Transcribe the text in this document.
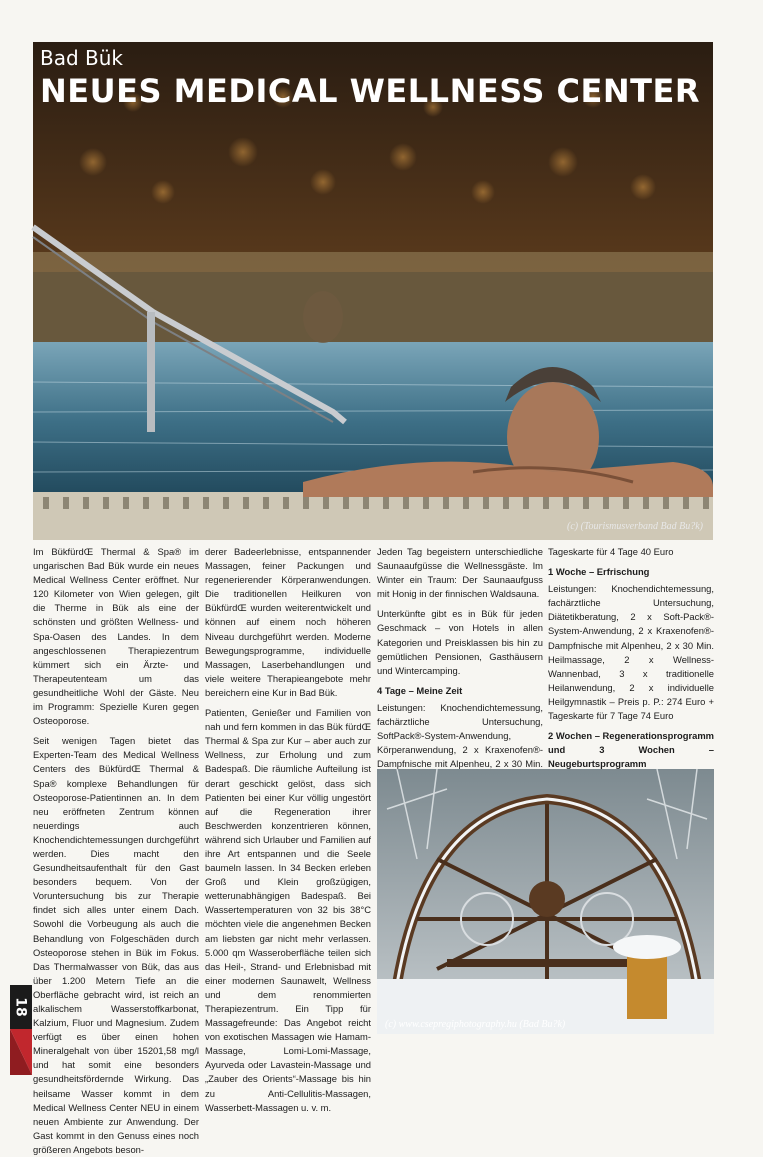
Bad Bük
NEUES MEDICAL WELLNESS CENTER
(c) (Tourismusverband Bad Bu?k)

Im BükfürdŒ Thermal & Spa® im ungarischen Bad Bük wurde ein neues Medical Wellness Center eröffnet. Nur 120 Kilometer von Wien gelegen, gilt die Therme in Bük als eine der schönsten und größten Wellness- und Spa-Oasen des Landes. In dem angeschlossenen Therapiezentrum kümmert sich ein Ärzte- und Therapeutenteam um das gesundheitliche Wohl der Gäste. Neu im Programm: Spezielle Kuren gegen Osteoporose.

Seit wenigen Tagen bietet das Experten-Team des Medical Wellness Centers des BükfürdŒ Thermal & Spa® komplexe Behandlungen für Osteoporose-Patientinnen an. In dem neu eröffneten Zentrum können neuerdings auch Knochendichtemessungen durchgeführt werden. Dies macht den Gesundheitsaufenthalt für den Gast besonders bequem. Von der Voruntersuchung bis zur Therapie findet sich alles unter einem Dach. Sowohl die Vorbeugung als auch die Behandlung von Folgeschäden durch Osteoporose stehen in Bük im Fokus. Das Thermalwasser von Bük, das aus über 1.200 Metern Tiefe an die Oberfläche gebracht wird, ist reich an alkalischem Wasserstoffkarbonat, Kalzium, Fluor und Magnesium. Zudem verfügt es über einen hohen Mineralgehalt von über 15201,58 mg/l und hat somit eine besonders gesundheitsfördernde Wirkung. Das heilsame Wasser kommt in dem Medical Wellness Center NEU in einem neuen Ambiente zur Anwendung. Der Gast kommt in den Genuss eines noch größeren Angebots beson-

derer Badeerlebnisse, entspannender Massagen, feiner Packungen und regenerierender Körperanwendungen. Die traditionellen Heilkuren von BükfürdŒ wurden weiterentwickelt und können auf einem noch höheren Niveau durchgeführt werden. Moderne Bewegungsprogramme, individuelle Massagen, Laserbehandlungen und viele weitere Therapieangebote mehr bereichern eine Kur in Bad Bük.

Patienten, Genießer und Familien von nah und fern kommen in das Bük fürdŒ Thermal & Spa zur Kur – aber auch zur Wellness, zur Erholung und zum Badespaß. Die räumliche Aufteilung ist derart geschickt gelöst, dass sich Patienten bei einer Kur völlig ungestört auf die Regeneration ihrer Beschwerden konzentrieren können, während sich Urlauber und Familien auf ihre Art entspannen und die Seele baumeln lassen. In 34 Becken erleben Groß und Klein großzügigen, wetterunabhängigen Badespaß. Bei Wassertemperaturen von 32 bis 38°C möchten viele die angenehmen Becken am liebsten gar nicht mehr verlassen. 5.000 qm Wasseroberfläche teilen sich das Heil-, Strand- und Erlebnisbad mit einer modernen Saunawelt, Wellness und dem renommierten Therapiezentrum. Ein Tipp für Massagefreunde: Das Angebot reicht von exotischen Massagen wie Hamam-Massage, Lomi-Lomi-Massage, Ayurveda oder Lavastein-Massage und „Zauber des Orients“-Massage bis hin zu Anti-Cellulitis-Massagen, Wasserbett-Massagen u. v. m.

Jeden Tag begeistern unterschiedliche Saunaaufgüsse die Wellnessgäste. Im Winter ein Traum: Der Saunaaufguss mit Honig in der finnischen Waldsauna.

Unterkünfte gibt es in Bük für jeden Geschmack – von Hotels in allen Kategorien und Preisklassen bis hin zu gemütlichen Pensionen, Gasthäusern und Wintercamping.

4 Tage – Meine Zeit

Leistungen: Knochendichtemessung, fachärztliche Untersuchung, SoftPack®-System-Anwendung, Körperanwendung, 2 x Kraxenofen®-Dampfnische mit Alpenheu, 2 x 30 Min.

Tageskarte für 4 Tage 40 Euro

1 Woche – Erfrischung

Leistungen: Knochendichtemessung, fachärztliche Untersuchung, Diätetikberatung, 2 x Soft-Pack®-System-Anwendung, 2 x Kraxenofen®-Dampfnische mit Alpenheu, 2 x 30 Min. Heilmassage, 2 x Wellness-Wannenbad, 3 x traditionelle Heilanwendung, 2 x individuelle Heilgymnastik – Preis p. P.: 274 Euro + Tageskarte für 7 Tage 74 Euro

2 Wochen – Regenerationsprogramm und 3 Wochen – Neugeburtsprogramm
(c) www.csepregiphotography.hu (Bad Bu?k)
18
